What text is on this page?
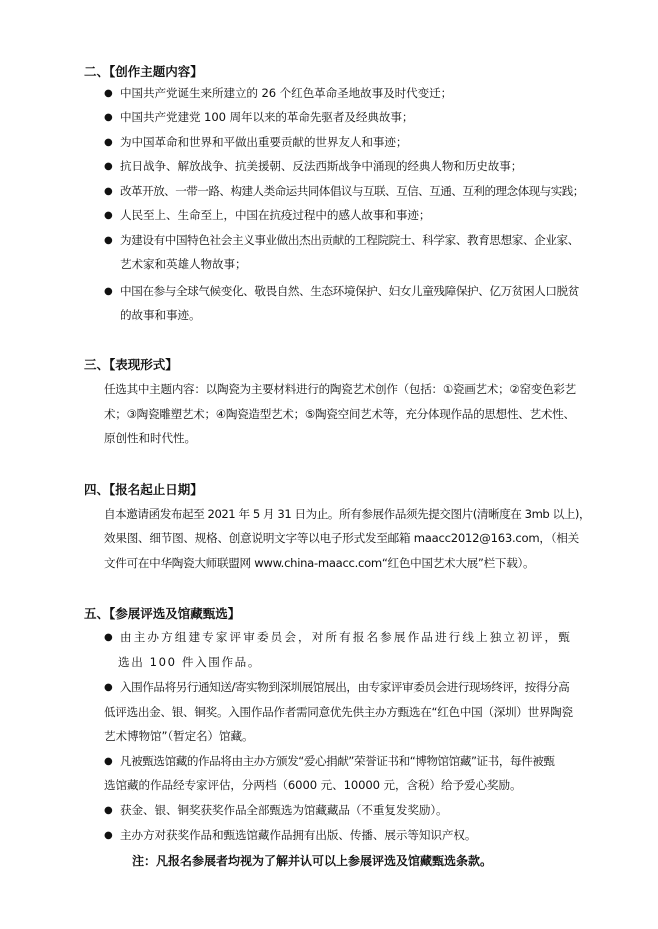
二、【创作主题内容】
● 中国共产党诞生来所建立的 26 个红色革命圣地故事及时代变迁；
● 中国共产党建党 100 周年以来的革命先驱者及经典故事；
● 为中国革命和世界和平做出重要贡献的世界友人和事迹；
● 抗日战争、解放战争、抗美援朝、反法西斯战争中涌现的经典人物和历史故事；
● 改革开放、一带一路、构建人类命运共同体倡议与互联、互信、互通、互利的理念体现与实践；
● 人民至上、生命至上，中国在抗疫过程中的感人故事和事迹；
● 为建设有中国特色社会主义事业做出杰出贡献的工程院院士、科学家、教育思想家、企业家、
艺术家和英雄人物故事；
● 中国在参与全球气候变化、敬畏自然、生态环境保护、妇女儿童残障保护、亿万贫困人口脱贫
的故事和事迹。
三、【表现形式】
任选其中主题内容：以陶瓷为主要材料进行的陶瓷艺术创作（包括：①瓷画艺术；②窑变色彩艺
术；③陶瓷雕塑艺术；④陶瓷造型艺术；⑤陶瓷空间艺术等，充分体现作品的思想性、艺术性、
原创性和时代性。
四、【报名起止日期】
自本邀请函发布起至 2021 年 5 月 31 日为止。所有参展作品须先提交图片(清晰度在 3mb 以上)，
效果图、细节图、规格、创意说明文字等以电子形式发至邮箱 maacc2012@163.com，（相关
文件可在中华陶瓷大师联盟网 www.china-maacc.com“红色中国艺术大展”栏下载）。
五、【参展评选及馆藏甄选】
● 由主办方组建专家评审委员会，对所有报名参展作品进行线上独立初评，甄
选出 100 件入围作品。
● 入围作品将另行通知送/寄实物到深圳展馆展出，由专家评审委员会进行现场终评，按得分高
低评选出金、银、铜奖。入围作品作者需同意优先供主办方甄选在“红色中国（深圳）世界陶瓷
艺术博物馆”（暂定名）馆藏。
● 凡被甄选馆藏的作品将由主办方颁发“爱心捐献”荣誉证书和“博物馆馆藏”证书，每件被甄
选馆藏的作品经专家评估，分两档（6000 元、10000 元，含税）给予爱心奖励。
● 获金、银、铜奖获奖作品全部甄选为馆藏藏品（不重复发奖励）。
● 主办方对获奖作品和甄选馆藏作品拥有出版、传播、展示等知识产权。
注：凡报名参展者均视为了解并认可以上参展评选及馆藏甄选条款。
